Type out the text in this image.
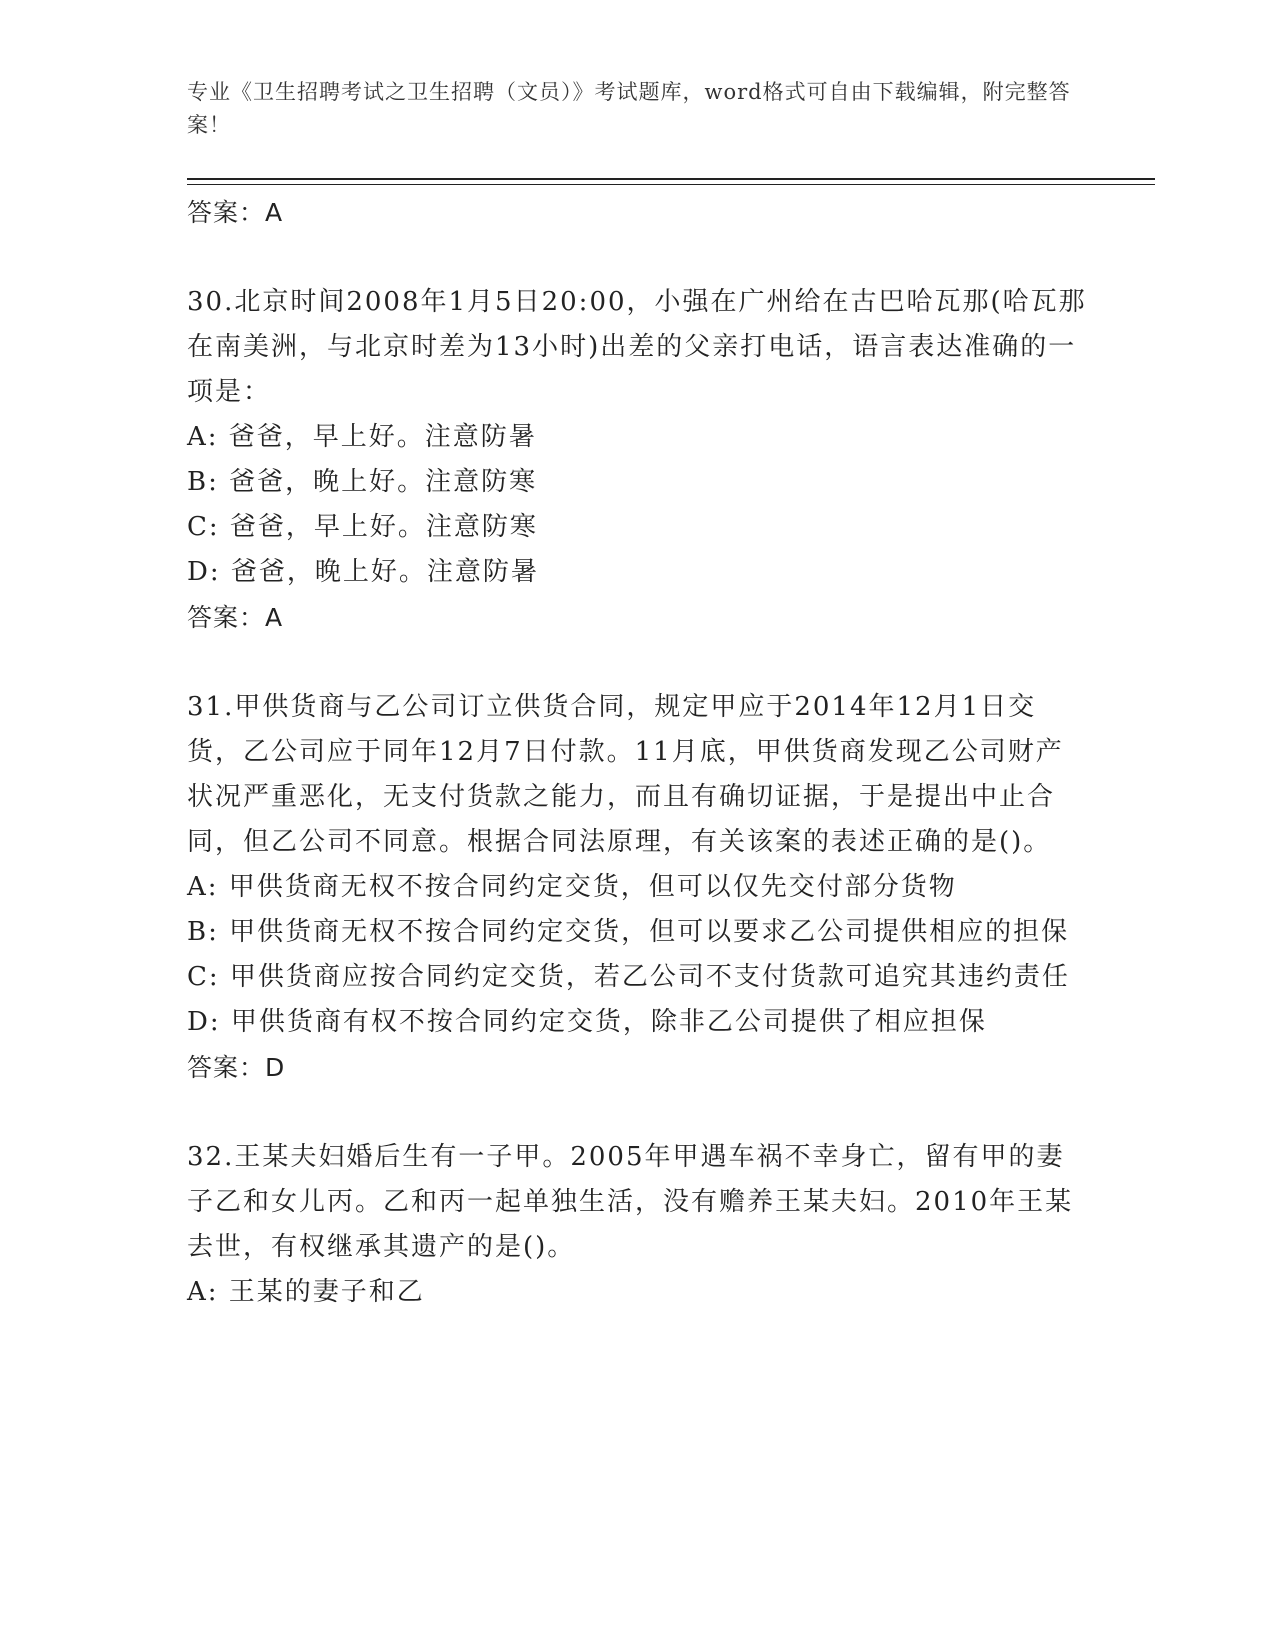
专业《卫生招聘考试之卫生招聘（文员）》考试题库，word格式可自由下载编辑，附完整答案！
答案：A
30.北京时间2008年1月5日20:00，小强在广州给在古巴哈瓦那(哈瓦那在南美洲，与北京时差为13小时)出差的父亲打电话，语言表达准确的一项是：
A: 爸爸，早上好。注意防暑
B: 爸爸，晚上好。注意防寒
C: 爸爸，早上好。注意防寒
D: 爸爸，晚上好。注意防暑
答案：A
31.甲供货商与乙公司订立供货合同，规定甲应于2014年12月1日交货，乙公司应于同年12月7日付款。11月底，甲供货商发现乙公司财产状况严重恶化，无支付货款之能力，而且有确切证据，于是提出中止合同，但乙公司不同意。根据合同法原理，有关该案的表述正确的是()。
A: 甲供货商无权不按合同约定交货，但可以仅先交付部分货物
B: 甲供货商无权不按合同约定交货，但可以要求乙公司提供相应的担保
C: 甲供货商应按合同约定交货，若乙公司不支付货款可追究其违约责任
D: 甲供货商有权不按合同约定交货，除非乙公司提供了相应担保
答案：D
32.王某夫妇婚后生有一子甲。2005年甲遇车祸不幸身亡，留有甲的妻子乙和女儿丙。乙和丙一起单独生活，没有赡养王某夫妇。2010年王某去世，有权继承其遗产的是()。
A: 王某的妻子和乙
